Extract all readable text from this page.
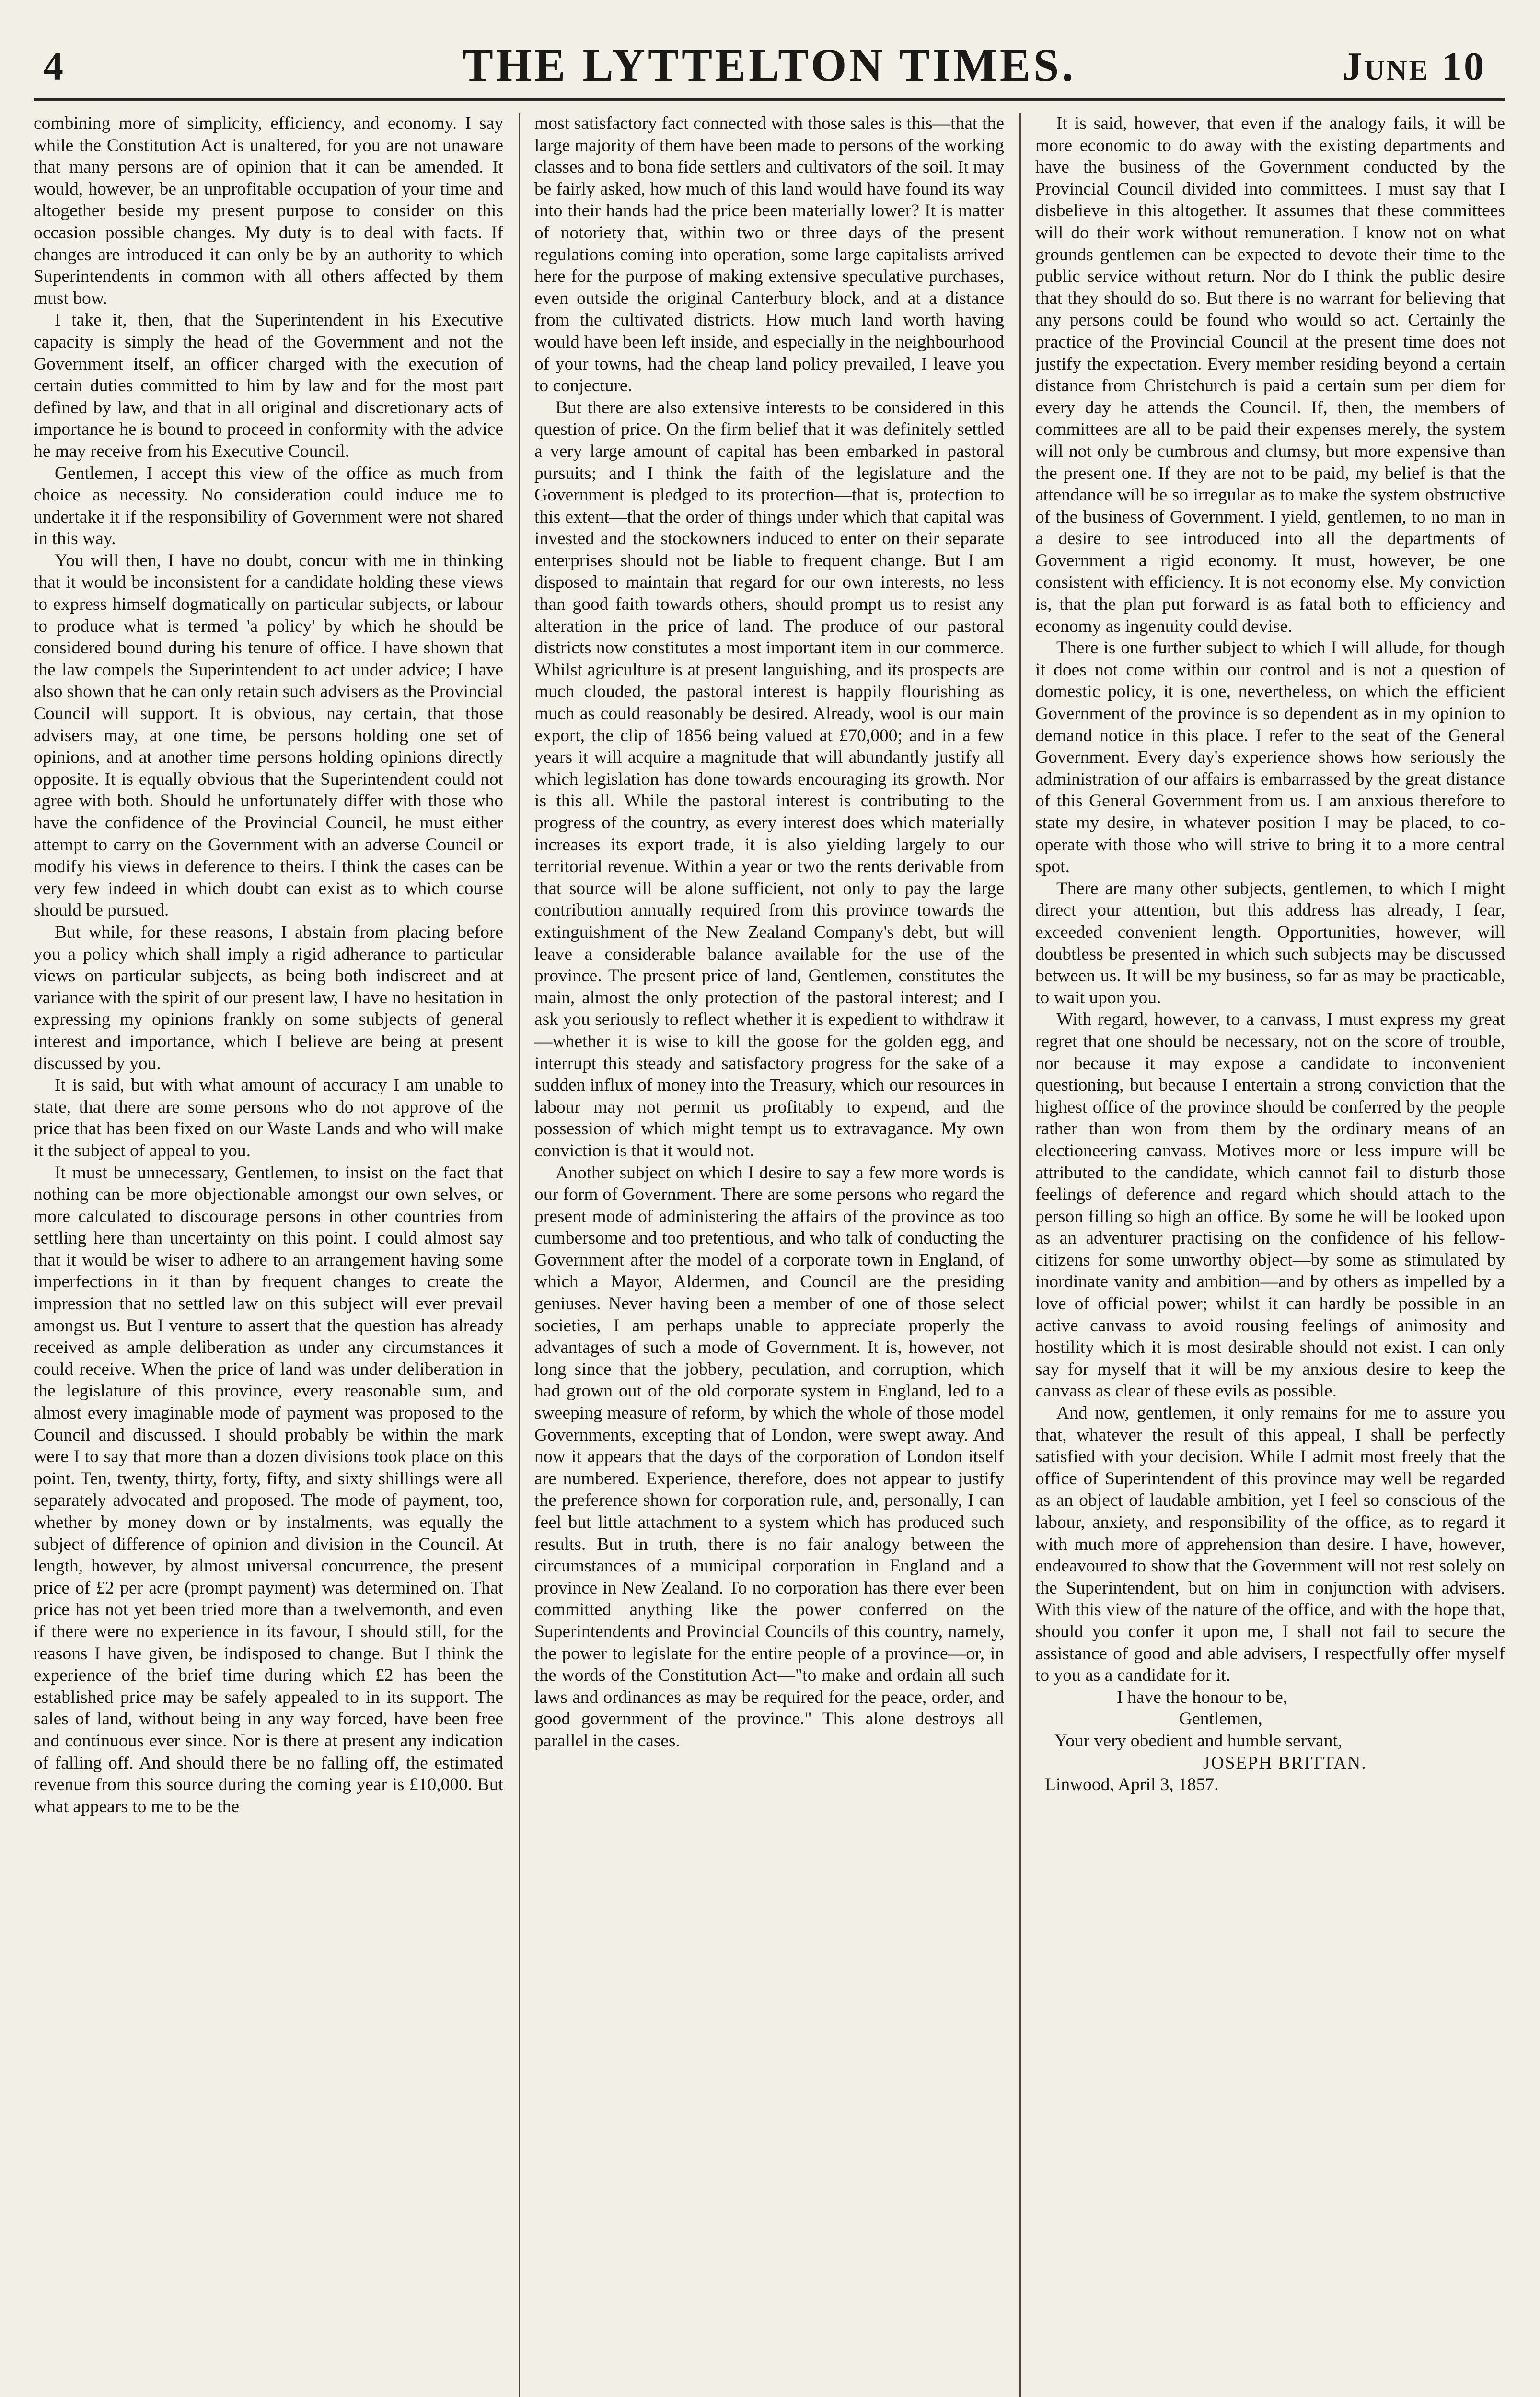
4	THE LYTTELTON TIMES.	June 10

combining more of simplicity, efficiency, and economy. I say while the Constitution Act is unaltered, for you are not unaware that many persons are of opinion that it can be amended. It would, however, be an unprofitable occupation of your time and altogether beside my present purpose to consider on this occasion possible changes. My duty is to deal with facts. If changes are introduced it can only be by an authority to which Superintendents in common with all others affected by them must bow.

I take it, then, that the Superintendent in his Executive capacity is simply the head of the Government and not the Government itself, an officer charged with the execution of certain duties committed to him by law and for the most part defined by law, and that in all original and discretionary acts of importance he is bound to proceed in conformity with the advice he may receive from his Executive Council.

Gentlemen, I accept this view of the office as much from choice as necessity. No consideration could induce me to undertake it if the responsibility of Government were not shared in this way.

You will then, I have no doubt, concur with me in thinking that it would be inconsistent for a candidate holding these views to express himself dogmatically on particular subjects, or labour to produce what is termed 'a policy' by which he should be considered bound during his tenure of office. I have shown that the law compels the Superintendent to act under advice; I have also shown that he can only retain such advisers as the Provincial Council will support. It is obvious, nay certain, that those advisers may, at one time, be persons holding one set of opinions, and at another time persons holding opinions directly opposite. It is equally obvious that the Superintendent could not agree with both. Should he unfortunately differ with those who have the confidence of the Provincial Council, he must either attempt to carry on the Government with an adverse Council or modify his views in deference to theirs. I think the cases can be very few indeed in which doubt can exist as to which course should be pursued.

But while, for these reasons, I abstain from placing before you a policy which shall imply a rigid adherance to particular views on particular subjects, as being both indiscreet and at variance with the spirit of our present law, I have no hesitation in expressing my opinions frankly on some subjects of general interest and importance, which I believe are being at present discussed by you.

It is said, but with what amount of accuracy I am unable to state, that there are some persons who do not approve of the price that has been fixed on our Waste Lands and who will make it the subject of appeal to you.

It must be unnecessary, Gentlemen, to insist on the fact that nothing can be more objectionable amongst our own selves, or more calculated to discourage persons in other countries from settling here than uncertainty on this point. I could almost say that it would be wiser to adhere to an arrangement having some imperfections in it than by frequent changes to create the impression that no settled law on this subject will ever prevail amongst us. But I venture to assert that the question has already received as ample deliberation as under any circumstances it could receive. When the price of land was under deliberation in the legislature of this province, every reasonable sum, and almost every imaginable mode of payment was proposed to the Council and discussed. I should probably be within the mark were I to say that more than a dozen divisions took place on this point. Ten, twenty, thirty, forty, fifty, and sixty shillings were all separately advocated and proposed. The mode of payment, too, whether by money down or by instalments, was equally the subject of difference of opinion and division in the Council. At length, however, by almost universal concurrence, the present price of £2 per acre (prompt payment) was determined on. That price has not yet been tried more than a twelvemonth, and even if there were no experience in its favour, I should still, for the reasons I have given, be indisposed to change. But I think the experience of the brief time during which £2 has been the established price may be safely appealed to in its support. The sales of land, without being in any way forced, have been free and continuous ever since. Nor is there at present any indication of falling off. And should there be no falling off, the estimated revenue from this source during the coming year is £10,000. But what appears to me to be the

most satisfactory fact connected with those sales is this—that the large majority of them have been made to persons of the working classes and to bona fide settlers and cultivators of the soil. It may be fairly asked, how much of this land would have found its way into their hands had the price been materially lower? It is matter of notoriety that, within two or three days of the present regulations coming into operation, some large capitalists arrived here for the purpose of making extensive speculative purchases, even outside the original Canterbury block, and at a distance from the cultivated districts. How much land worth having would have been left inside, and especially in the neighbourhood of your towns, had the cheap land policy prevailed, I leave you to conjecture.

But there are also extensive interests to be considered in this question of price. On the firm belief that it was definitely settled a very large amount of capital has been embarked in pastoral pursuits; and I think the faith of the legislature and the Government is pledged to its protection—that is, protection to this extent—that the order of things under which that capital was invested and the stockowners induced to enter on their separate enterprises should not be liable to frequent change. But I am disposed to maintain that regard for our own interests, no less than good faith towards others, should prompt us to resist any alteration in the price of land. The produce of our pastoral districts now constitutes a most important item in our commerce. Whilst agriculture is at present languishing, and its prospects are much clouded, the pastoral interest is happily flourishing as much as could reasonably be desired. Already, wool is our main export, the clip of 1856 being valued at £70,000; and in a few years it will acquire a magnitude that will abundantly justify all which legislation has done towards encouraging its growth. Nor is this all. While the pastoral interest is contributing to the progress of the country, as every interest does which materially increases its export trade, it is also yielding largely to our territorial revenue. Within a year or two the rents derivable from that source will be alone sufficient, not only to pay the large contribution annually required from this province towards the extinguishment of the New Zealand Company's debt, but will leave a considerable balance available for the use of the province. The present price of land, Gentlemen, constitutes the main, almost the only protection of the pastoral interest; and I ask you seriously to reflect whether it is expedient to withdraw it—whether it is wise to kill the goose for the golden egg, and interrupt this steady and satisfactory progress for the sake of a sudden influx of money into the Treasury, which our resources in labour may not permit us profitably to expend, and the possession of which might tempt us to extravagance. My own conviction is that it would not.

Another subject on which I desire to say a few more words is our form of Government. There are some persons who regard the present mode of administering the affairs of the province as too cumbersome and too pretentious, and who talk of conducting the Government after the model of a corporate town in England, of which a Mayor, Aldermen, and Council are the presiding geniuses. Never having been a member of one of those select societies, I am perhaps unable to appreciate properly the advantages of such a mode of Government. It is, however, not long since that the jobbery, peculation, and corruption, which had grown out of the old corporate system in England, led to a sweeping measure of reform, by which the whole of those model Governments, excepting that of London, were swept away. And now it appears that the days of the corporation of London itself are numbered. Experience, therefore, does not appear to justify the preference shown for corporation rule, and, personally, I can feel but little attachment to a system which has produced such results. But in truth, there is no fair analogy between the circumstances of a municipal corporation in England and a province in New Zealand. To no corporation has there ever been committed anything like the power conferred on the Superintendents and Provincial Councils of this country, namely, the power to legislate for the entire people of a province—or, in the words of the Constitution Act—"to make and ordain all such laws and ordinances as may be required for the peace, order, and good government of the province." This alone destroys all parallel in the cases.

It is said, however, that even if the analogy fails, it will be more economic to do away with the existing departments and have the business of the Government conducted by the Provincial Council divided into committees. I must say that I disbelieve in this altogether. It assumes that these committees will do their work without remuneration. I know not on what grounds gentlemen can be expected to devote their time to the public service without return. Nor do I think the public desire that they should do so. But there is no warrant for believing that any persons could be found who would so act. Certainly the practice of the Provincial Council at the present time does not justify the expectation. Every member residing beyond a certain distance from Christchurch is paid a certain sum per diem for every day he attends the Council. If, then, the members of committees are all to be paid their expenses merely, the system will not only be cumbrous and clumsy, but more expensive than the present one. If they are not to be paid, my belief is that the attendance will be so irregular as to make the system obstructive of the business of Government. I yield, gentlemen, to no man in a desire to see introduced into all the departments of Government a rigid economy. It must, however, be one consistent with efficiency. It is not economy else. My conviction is, that the plan put forward is as fatal both to efficiency and economy as ingenuity could devise.

There is one further subject to which I will allude, for though it does not come within our control and is not a question of domestic policy, it is one, nevertheless, on which the efficient Government of the province is so dependent as in my opinion to demand notice in this place. I refer to the seat of the General Government. Every day's experience shows how seriously the administration of our affairs is embarrassed by the great distance of this General Government from us. I am anxious therefore to state my desire, in whatever position I may be placed, to co-operate with those who will strive to bring it to a more central spot.

There are many other subjects, gentlemen, to which I might direct your attention, but this address has already, I fear, exceeded convenient length. Opportunities, however, will doubtless be presented in which such subjects may be discussed between us. It will be my business, so far as may be practicable, to wait upon you.

With regard, however, to a canvass, I must express my great regret that one should be necessary, not on the score of trouble, nor because it may expose a candidate to inconvenient questioning, but because I entertain a strong conviction that the highest office of the province should be conferred by the people rather than won from them by the ordinary means of an electioneering canvass. Motives more or less impure will be attributed to the candidate, which cannot fail to disturb those feelings of deference and regard which should attach to the person filling so high an office. By some he will be looked upon as an adventurer practising on the confidence of his fellow-citizens for some unworthy object—by some as stimulated by inordinate vanity and ambition—and by others as impelled by a love of official power; whilst it can hardly be possible in an active canvass to avoid rousing feelings of animosity and hostility which it is most desirable should not exist. I can only say for myself that it will be my anxious desire to keep the canvass as clear of these evils as possible.

And now, gentlemen, it only remains for me to assure you that, whatever the result of this appeal, I shall be perfectly satisfied with your decision. While I admit most freely that the office of Superintendent of this province may well be regarded as an object of laudable ambition, yet I feel so conscious of the labour, anxiety, and responsibility of the office, as to regard it with much more of apprehension than desire. I have, however, endeavoured to show that the Government will not rest solely on the Superintendent, but on him in conjunction with advisers. With this view of the nature of the office, and with the hope that, should you confer it upon me, I shall not fail to secure the assistance of good and able advisers, I respectfully offer myself to you as a candidate for it.

I have the honour to be,
Gentlemen,
Your very obedient and humble servant,
JOSEPH BRITTAN.
Linwood, April 3, 1857.
